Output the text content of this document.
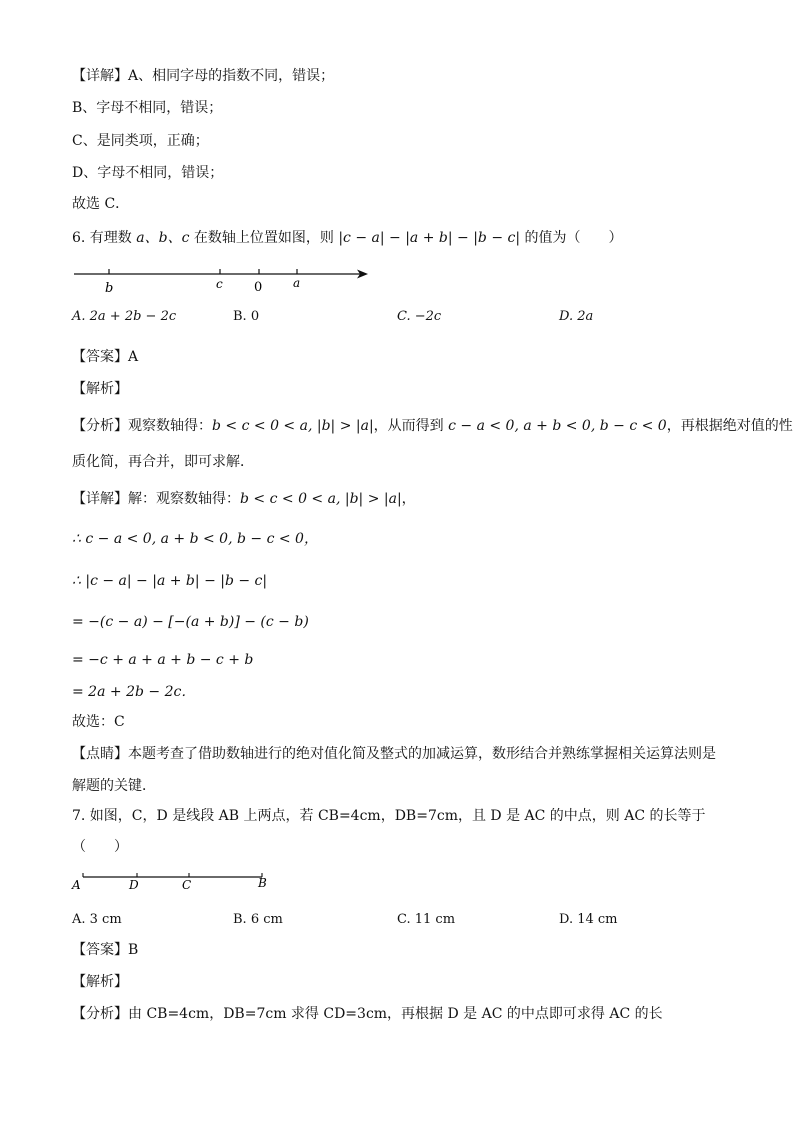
【详解】A、相同字母的指数不同，错误；
B、字母不相同，错误；
C、是同类项，正确；
D、字母不相同，错误；
故选 C．
6. 有理数 a、b、c 在数轴上位置如图，则 |c − a| − |a + b| − |b − c| 的值为（　　）
b	c 0	a
A. 2a + 2b − 2c	B. 0	C. −2c	D. 2a
【答案】A
【解析】
【分析】观察数轴得：b < c < 0 < a, |b| > |a|，从而得到 c − a < 0, a + b < 0, b − c < 0，再根据绝对值的性
质化简，再合并，即可求解．
【详解】解：观察数轴得：b < c < 0 < a, |b| > |a|，
∴ c − a < 0, a + b < 0, b − c < 0，
∴ |c − a| − |a + b| − |b − c|
= −(c − a) − [−(a + b)] − (c − b)
= −c + a + a + b − c + b
= 2a + 2b − 2c．
故选：C
【点睛】本题考查了借助数轴进行的绝对值化简及整式的加减运算，数形结合并熟练掌握相关运算法则是
解题的关键．
7. 如图，C，D 是线段 AB 上两点，若 CB=4cm，DB=7cm，且 D 是 AC 的中点，则 AC 的长等于
（　　）
A	D	C	B
A. 3 cm	B. 6 cm	C. 11 cm	D. 14 cm
【答案】B
【解析】
【分析】由 CB=4cm，DB=7cm 求得 CD=3cm，再根据 D 是 AC 的中点即可求得 AC 的长
